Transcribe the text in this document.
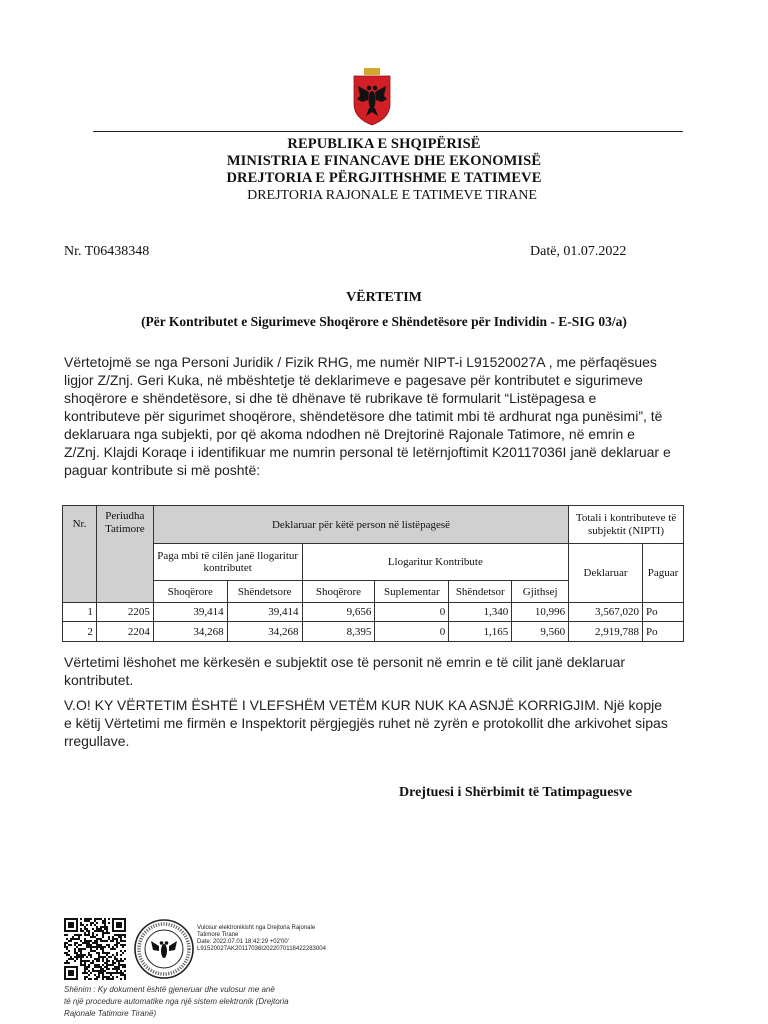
REPUBLIKA E SHQIPËRISË
MINISTRIA E FINANCAVE DHE EKONOMISË
DREJTORIA E PËRGJITHSHME E TATIMEVE
DREJTORIA RAJONALE E TATIMEVE TIRANE
Nr. T06438348	Datë, 01.07.2022
VËRTETIM
(Për Kontributet e Sigurimeve Shoqërore e Shëndetësore për Individin - E-SIG 03/a)
Vërtetojmë se nga Personi Juridik / Fizik RHG, me numër NIPT-i L91520027A , me përfaqësues ligjor Z/Znj. Geri Kuka, në mbështetje të deklarimeve e pagesave për kontributet e sigurimeve shoqërore e shëndetësore, si dhe të dhënave të rubrikave të formularit “Listëpagesa e kontributeve për sigurimet shoqërore, shëndetësore dhe tatimit mbi të ardhurat nga punësimi”, të deklaruara nga subjekti, por që akoma ndodhen në Drejtorinë Rajonale Tatimore, në emrin e Z/Znj. Klajdi Koraqe i identifikuar me numrin personal të letërnjoftimit K20117036I janë deklaruar e paguar kontribute si më poshtë:
Nr.	Periudha Tatimore	Deklaruar për këtë person në listëpagesë						Totali i kontributeve të subjektit (NIPTI)	
		Paga mbi të cilën janë llogaritur kontributet		Llogaritur Kontribute				Deklaruar	Paguar
		Shoqërore	Shëndetsore	Shoqërore	Suplementar	Shëndetsor	Gjithsej		
1	2205	39,414	39,414	9,656	0	1,340	10,996	3,567,020	Po
2	2204	34,268	34,268	8,395	0	1,165	9,560	2,919,788	Po
Vërtetimi lëshohet me kërkesën e subjektit ose të personit në emrin e të cilit janë deklaruar kontributet.
V.O! KY VËRTETIM ËSHTË I VLEFSHËM VETËM KUR NUK KA ASNJË KORRIGJIM. Një kopje e këtij Vërtetimi me firmën e Inspektorit përgjegjës ruhet në zyrën e protokollit dhe arkivohet sipas rregullave.
Drejtuesi i Shërbimit të Tatimpaguesve
Vulosur elektronikisht nga Drejtoria Rajonale
Tatimore Tirane
Date: 2022.07.01 18:42:29 +02'00'
L91520027AK20117036I2022070118422283004
Shënim : Ky dokument është gjeneruar dhe vulosur me anë
të një procedure automatike nga një sistem elektronik (Drejtoria
Rajonale Tatimore Tiranë)
